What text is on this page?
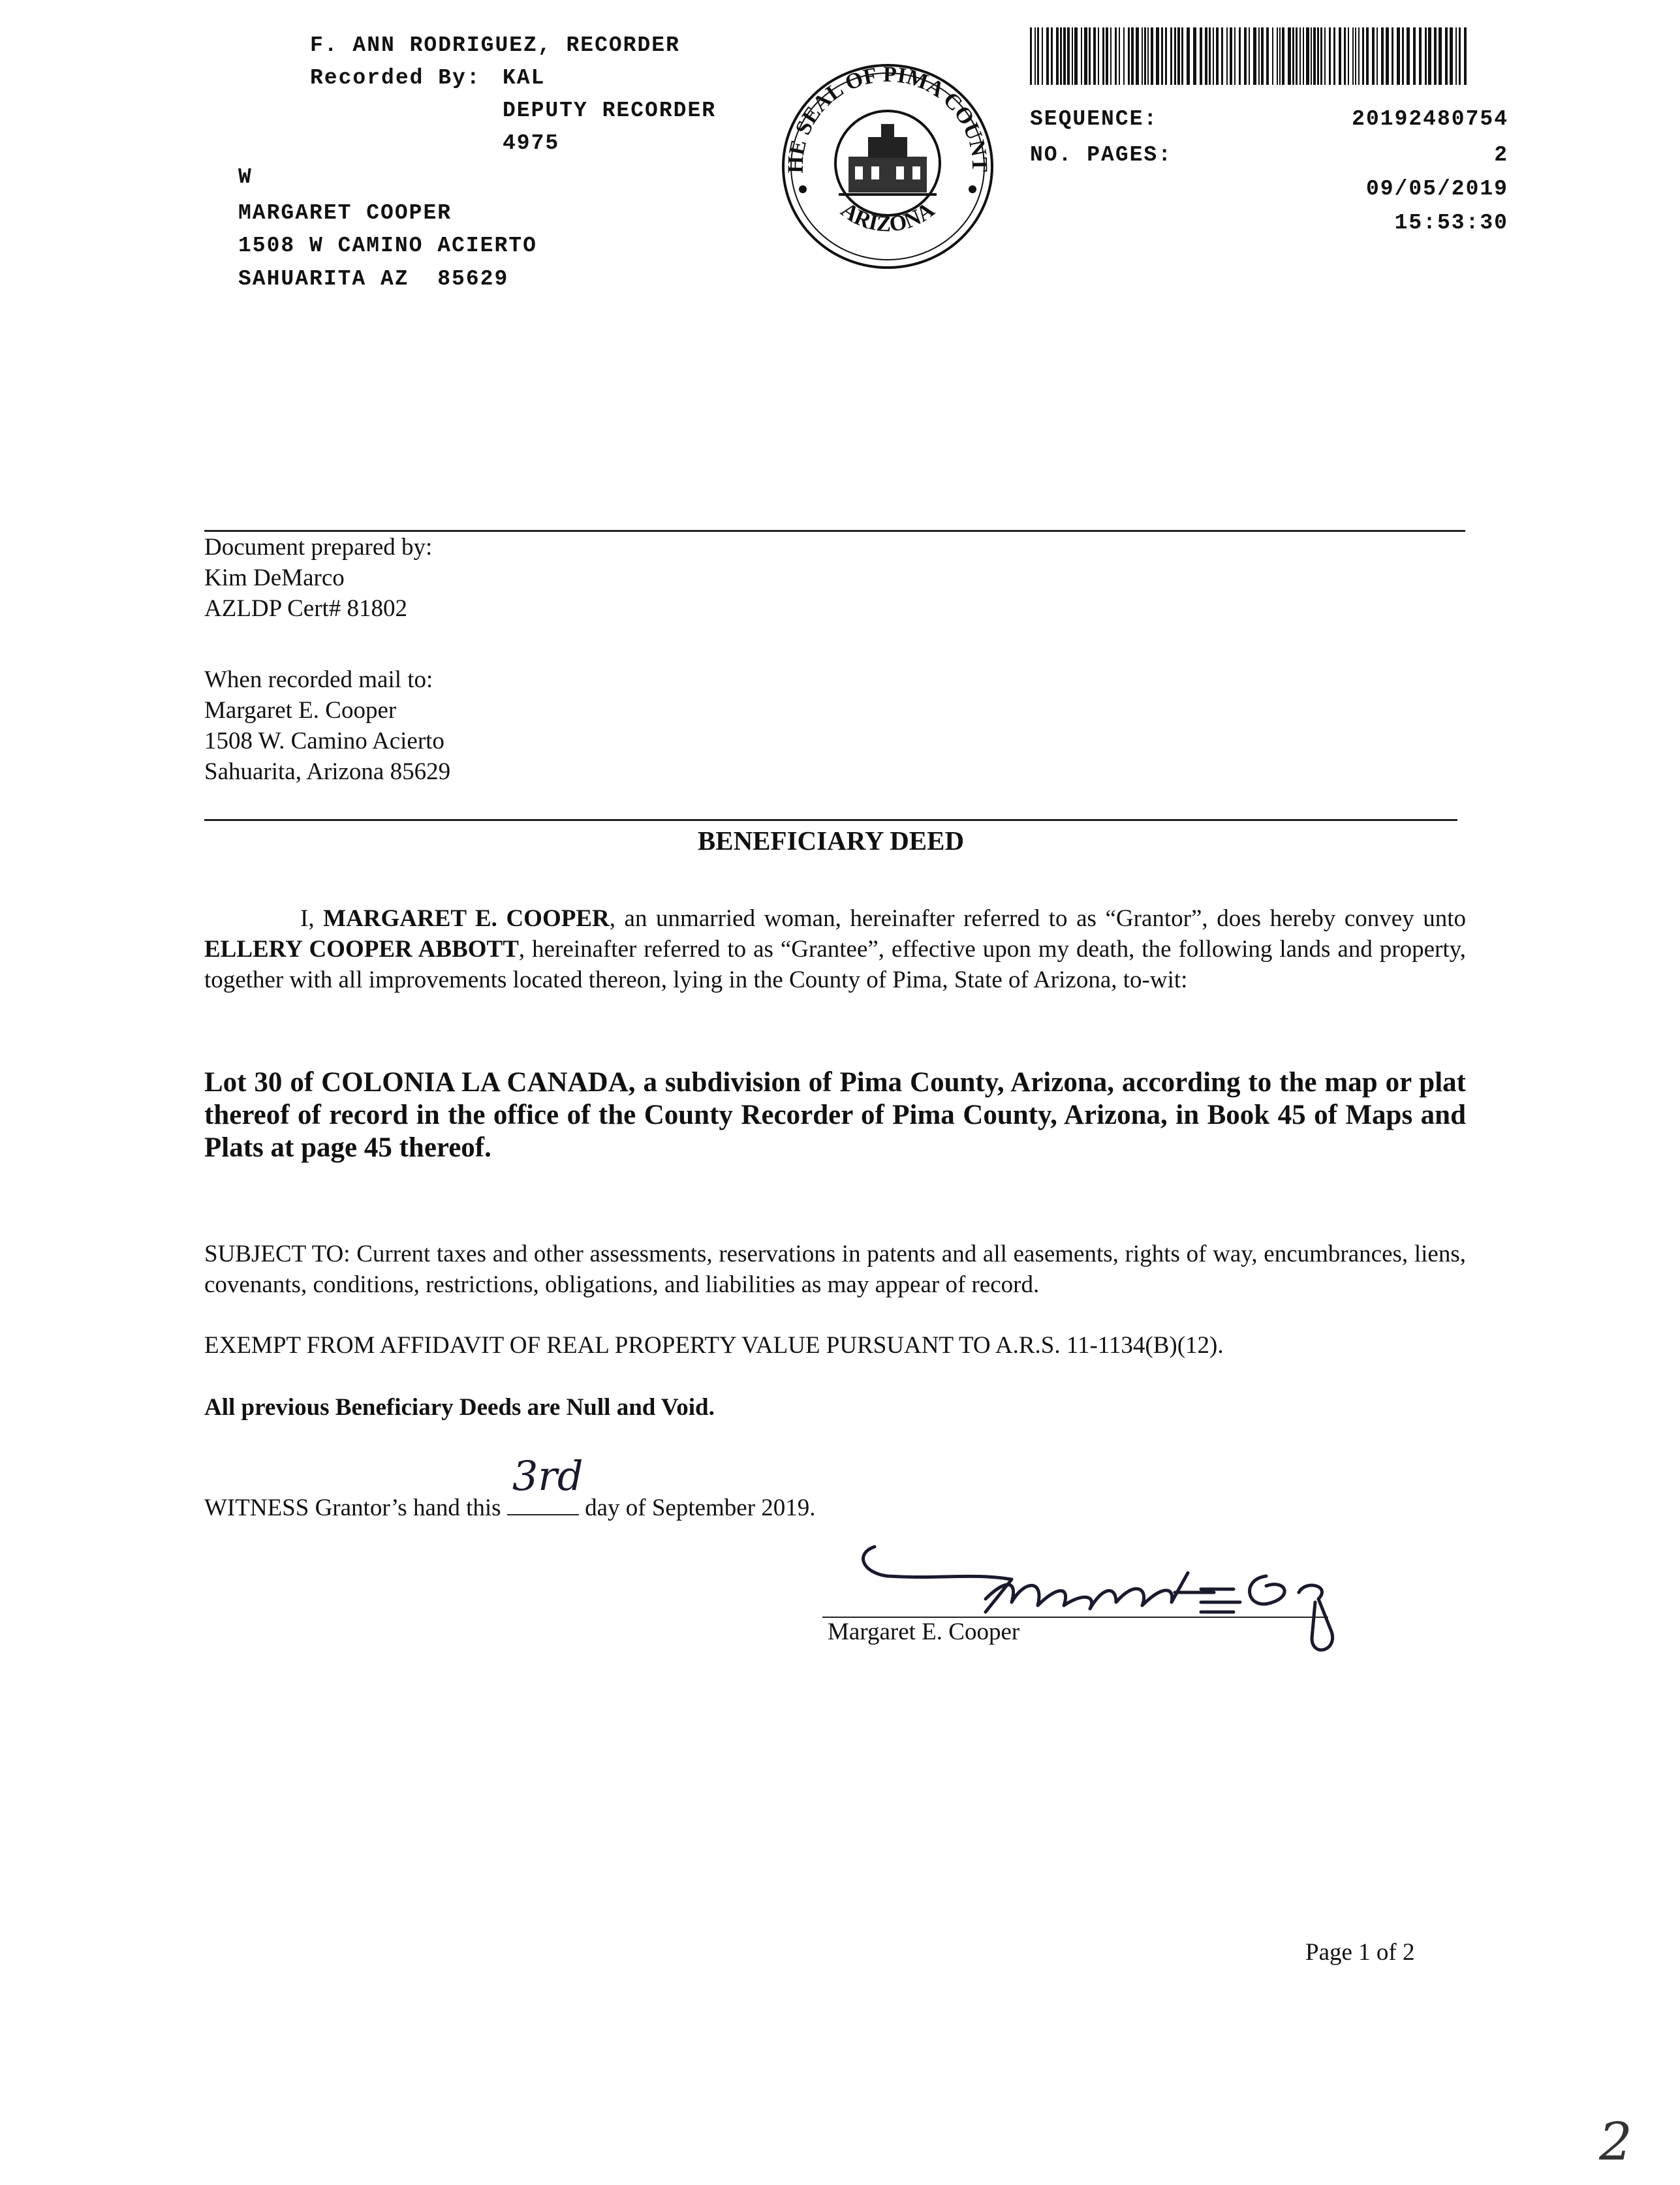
F. ANN RODRIGUEZ, RECORDER
Recorded By: KAL
DEPUTY RECORDER
4975
W
MARGARET COOPER
1508 W CAMINO ACIERTO
SAHUARITA AZ  85629
HE SEAL OF PIMA COUNT
ARIZONA
SEQUENCE:	20192480754
NO. PAGES:	2
09/05/2019
15:53:30
Document prepared by:
Kim DeMarco
AZLDP Cert# 81802
When recorded mail to:
Margaret E. Cooper
1508 W. Camino Acierto
Sahuarita, Arizona 85629
BENEFICIARY DEED
I, MARGARET E. COOPER, an unmarried woman, hereinafter referred to as “Grantor”, does hereby convey unto ELLERY COOPER ABBOTT, hereinafter referred to as “Grantee”, effective upon my death, the following lands and property, together with all improvements located thereon, lying in the County of Pima, State of Arizona, to-wit:
Lot 30 of COLONIA LA CANADA, a subdivision of Pima County, Arizona, according to the map or plat thereof of record in the office of the County Recorder of Pima County, Arizona, in Book 45 of Maps and Plats at page 45 thereof.
SUBJECT TO: Current taxes and other assessments, reservations in patents and all easements, rights of way, encumbrances, liens, covenants, conditions, restrictions, obligations, and liabilities as may appear of record.
EXEMPT FROM AFFIDAVIT OF REAL PROPERTY VALUE PURSUANT TO A.R.S. 11-1134(B)(12).
All previous Beneficiary Deeds are Null and Void.
WITNESS Grantor’s hand this
3rd
day of September 2019.
Margaret E. Cooper
Page 1 of 2
2
